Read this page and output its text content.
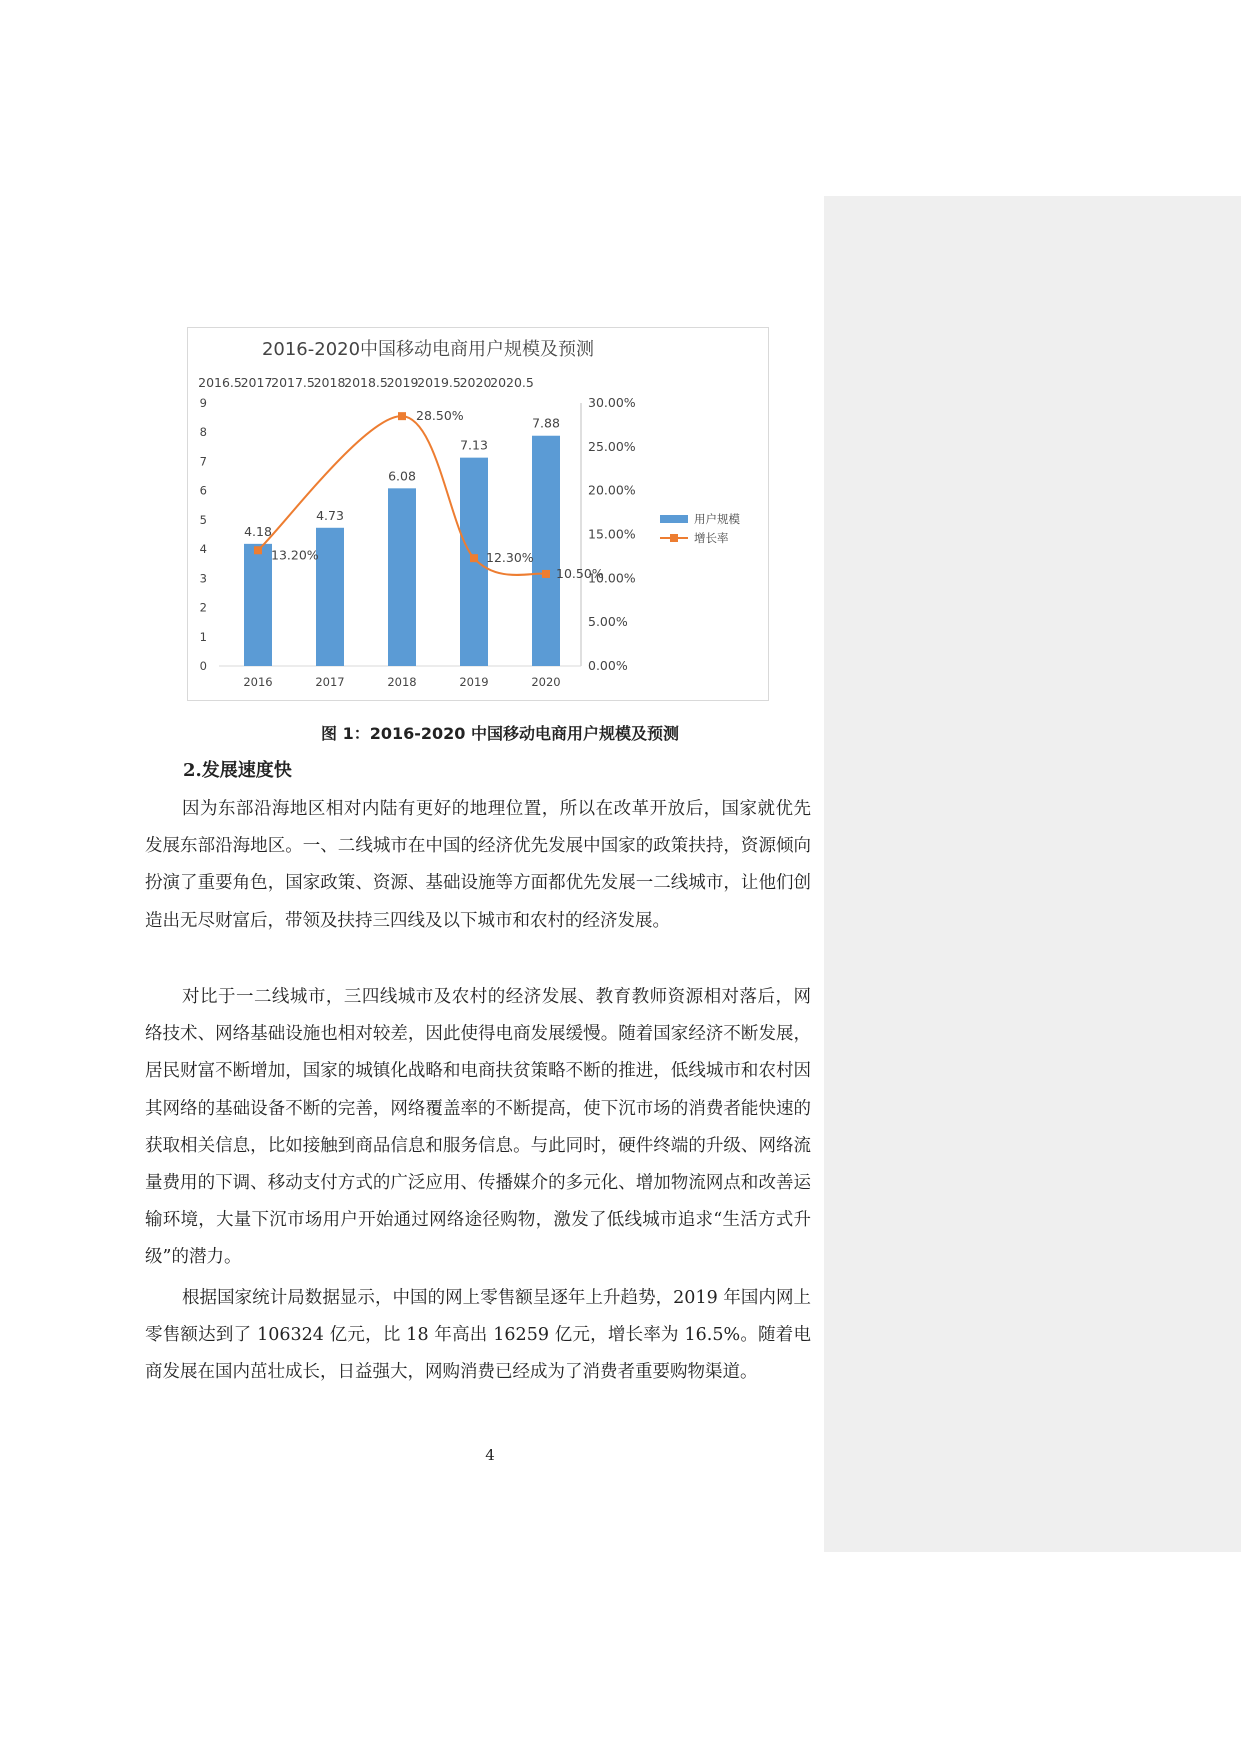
2016-2020中国移动电商用户规模及预测
2016.5
2017
2017.5
2018
2018.5
2019
2019.5
2020
2020.5
0
1
2
3
4
5
6
7
8
9
0.00%
5.00%
10.00%
15.00%
20.00%
25.00%
30.00%
4.18
4.73
6.08
7.13
7.88
2016	2017	2018	2019	2020
13.20%
28.50%
12.30%
10.50%
用户规模
增长率
图 1：2016-2020 中国移动电商用户规模及预测
2.发展速度快

因为东部沿海地区相对内陆有更好的地理位置，所以在改革开放后，国家就优先发展东部沿海地区。一、二线城市在中国的经济优先发展中国家的政策扶持，资源倾向扮演了重要角色，国家政策、资源、基础设施等方面都优先发展一二线城市，让他们创造出无尽财富后，带领及扶持三四线及以下城市和农村的经济发展。

对比于一二线城市，三四线城市及农村的经济发展、教育教师资源相对落后，网络技术、网络基础设施也相对较差，因此使得电商发展缓慢。随着国家经济不断发展，居民财富不断增加，国家的城镇化战略和电商扶贫策略不断的推进，低线城市和农村因其网络的基础设备不断的完善，网络覆盖率的不断提高，使下沉市场的消费者能快速的获取相关信息，比如接触到商品信息和服务信息。与此同时，硬件终端的升级、网络流量费用的下调、移动支付方式的广泛应用、传播媒介的多元化、增加物流网点和改善运输环境，大量下沉市场用户开始通过网络途径购物，激发了低线城市追求“生活方式升级”的潜力。

根据国家统计局数据显示，中国的网上零售额呈逐年上升趋势，2019 年国内网上零售额达到了 106324 亿元，比 18 年高出 16259 亿元，增长率为 16.5%。随着电商发展在国内茁壮成长，日益强大，网购消费已经成为了消费者重要购物渠道。

4
